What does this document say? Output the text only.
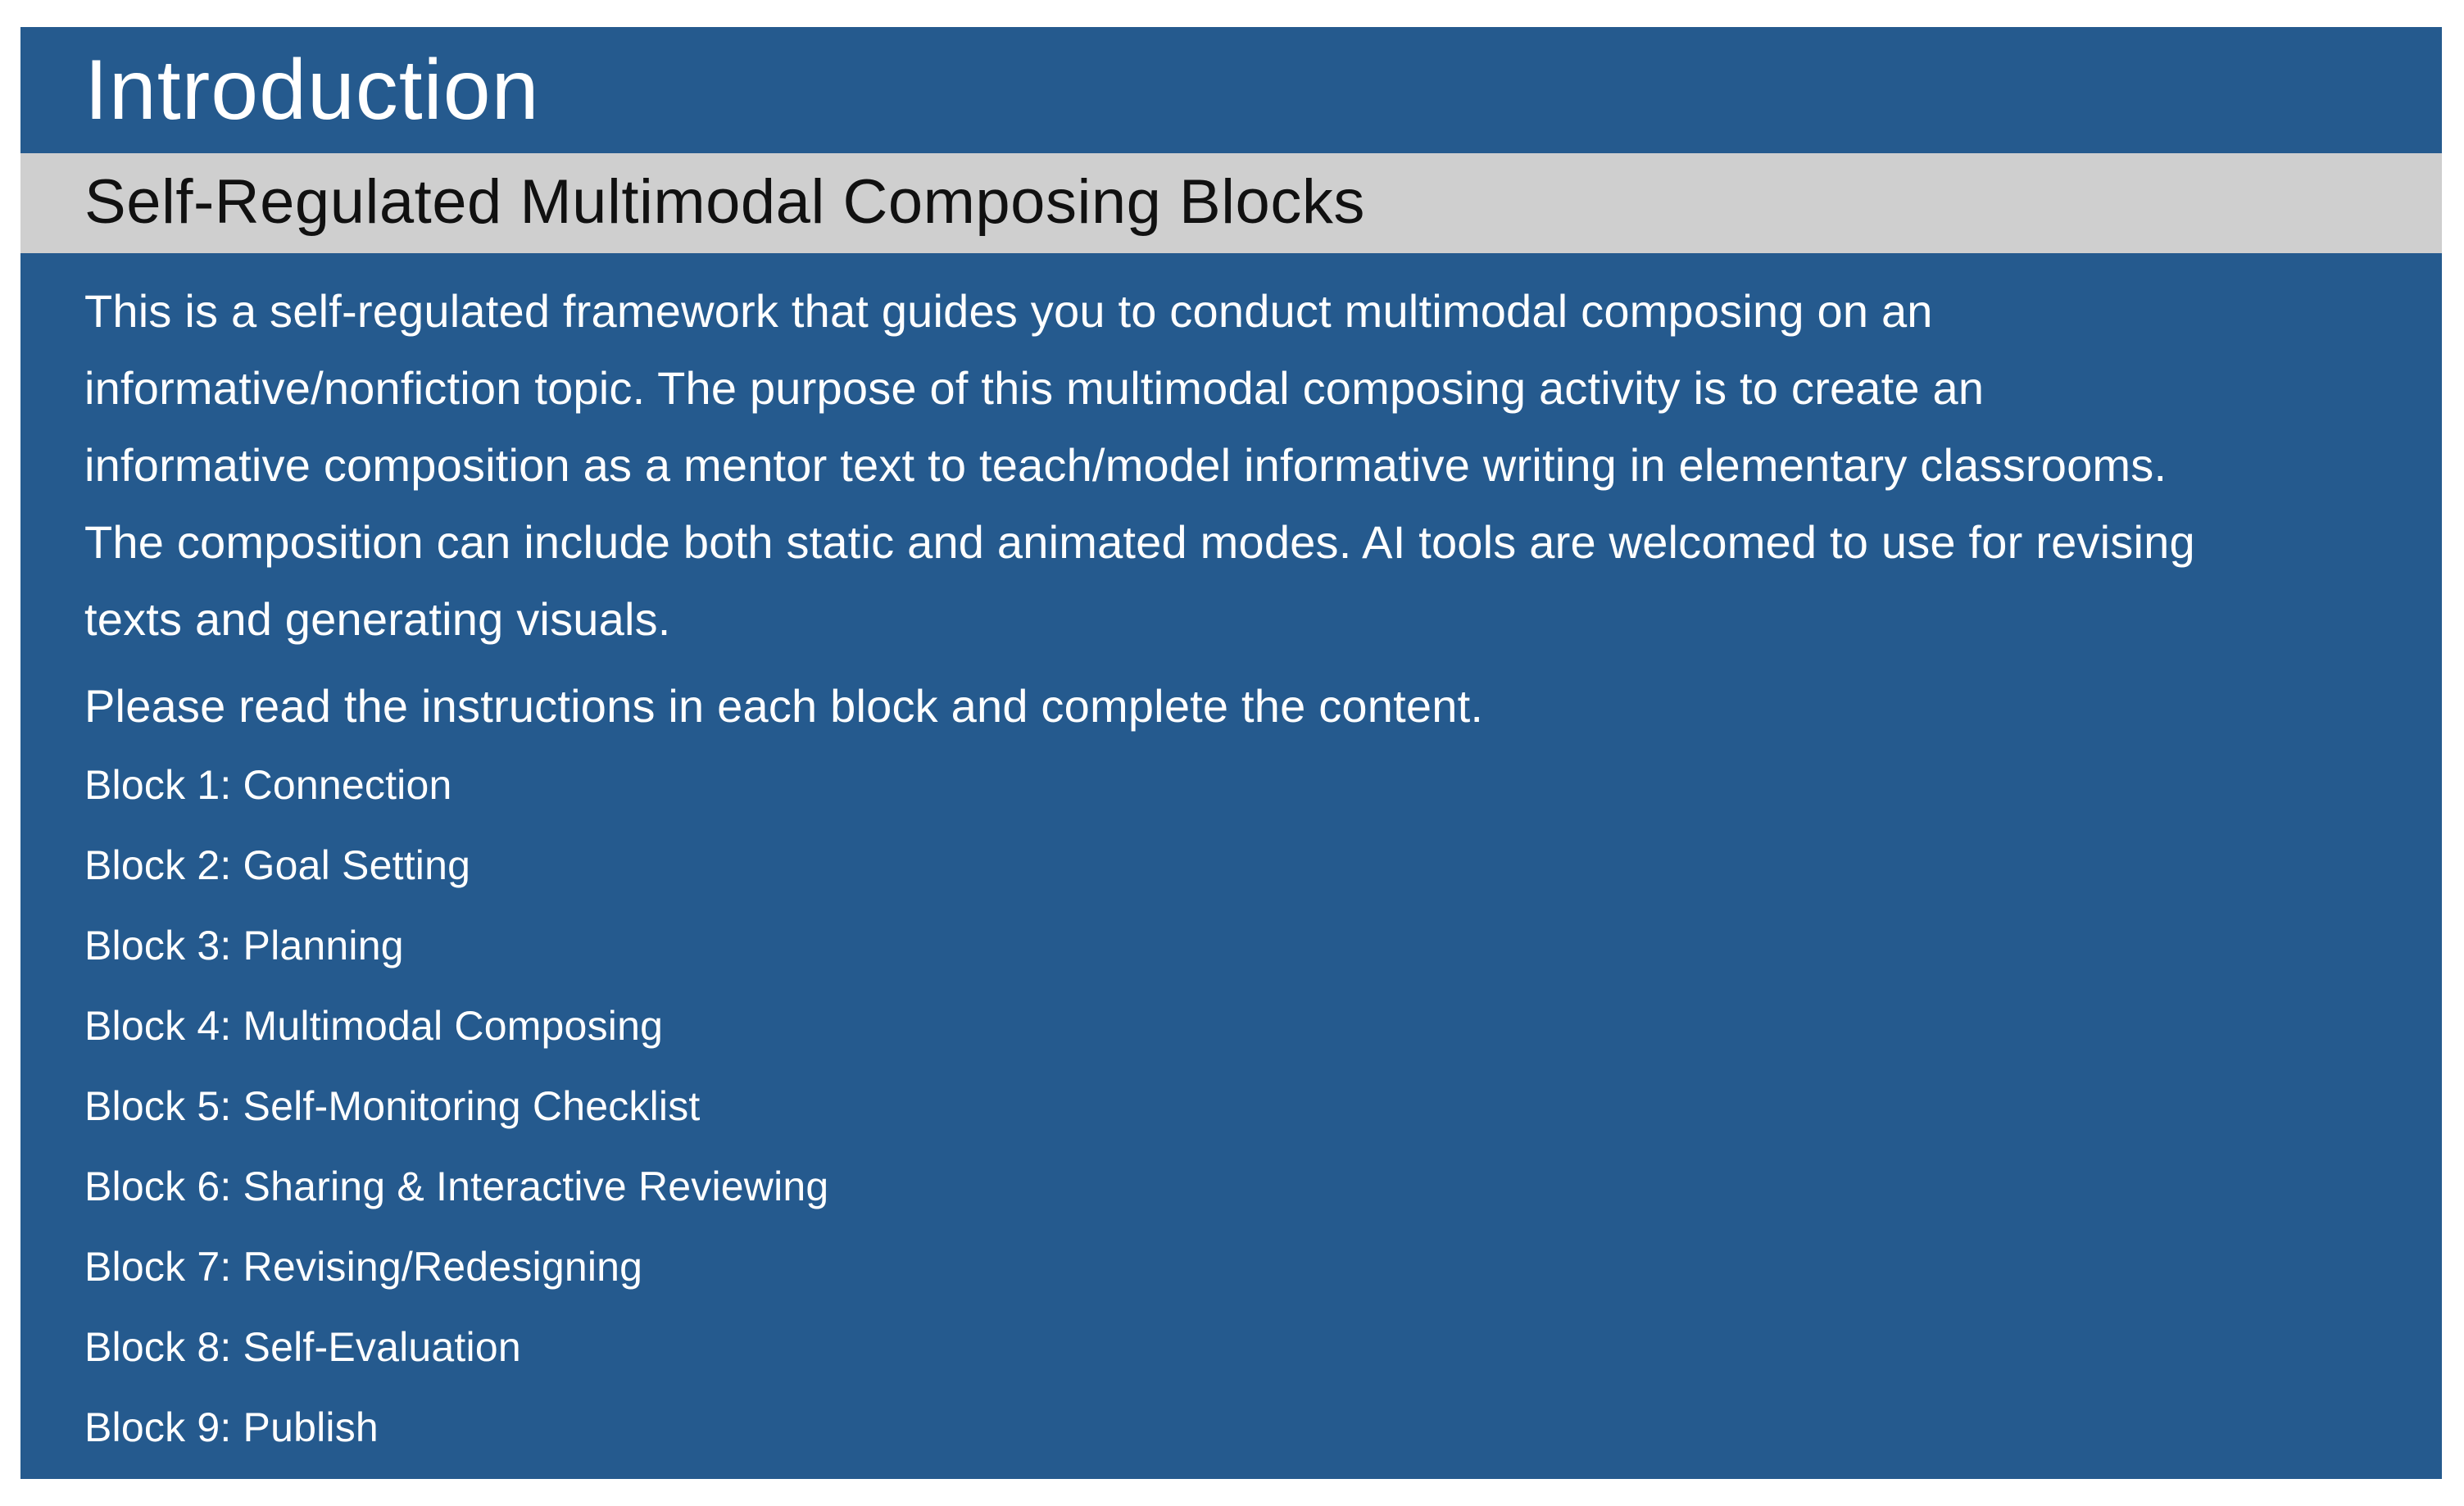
Introduction
Self-Regulated Multimodal Composing Blocks

This is a self-regulated framework that guides you to conduct multimodal composing on an
informative/nonfiction topic. The purpose of this multimodal composing activity is to create an
informative composition as a mentor text to teach/model informative writing in elementary classrooms.
The composition can include both static and animated modes. AI tools are welcomed to use for revising
texts and generating visuals.

Please read the instructions in each block and complete the content.

Block 1: Connection
Block 2: Goal Setting
Block 3: Planning
Block 4: Multimodal Composing
Block 5: Self-Monitoring Checklist
Block 6: Sharing & Interactive Reviewing
Block 7: Revising/Redesigning
Block 8: Self-Evaluation
Block 9: Publish
